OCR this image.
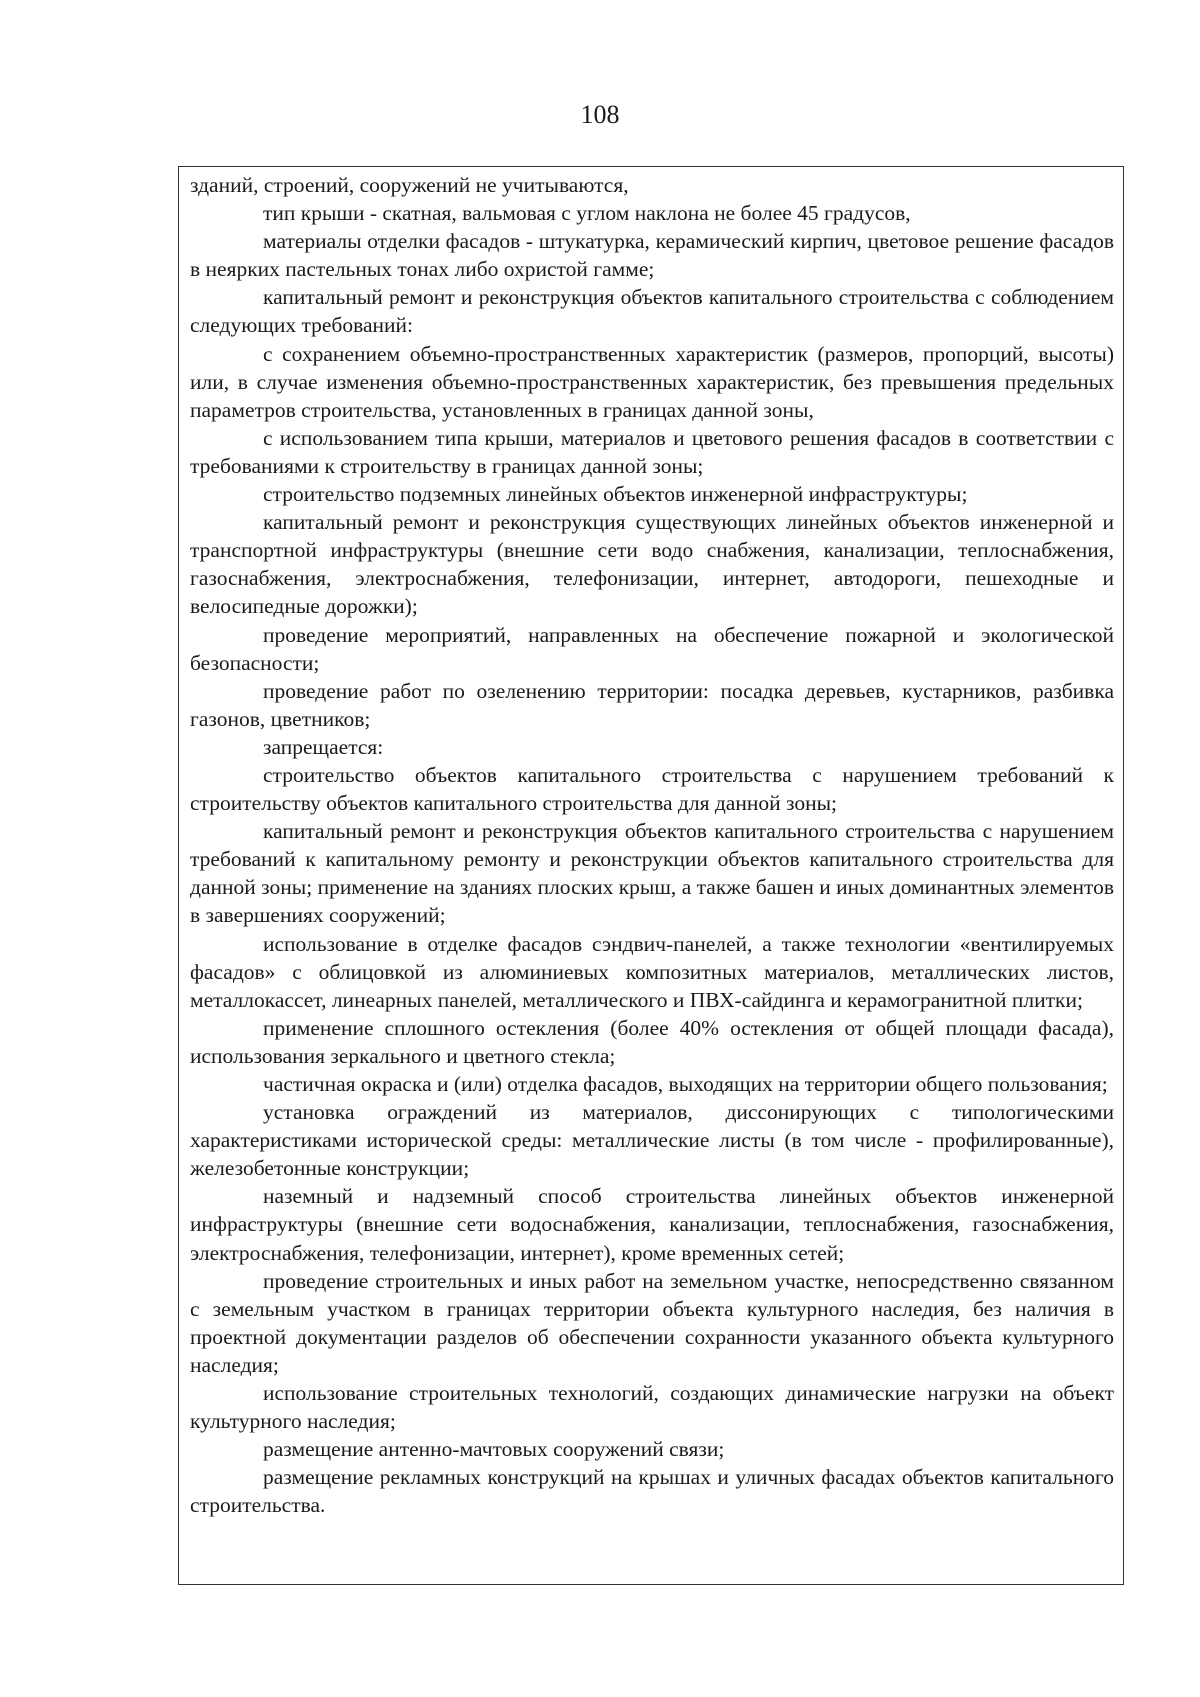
108

зданий, строений, сооружений не учитываются,

тип крыши - скатная, вальмовая с углом наклона не более 45 градусов,

материалы отделки фасадов - штукатурка, керамический кирпич, цветовое решение фасадов в неярких пастельных тонах либо охристой гамме;

капитальный ремонт и реконструкция объектов капитального строительства с соблюдением следующих требований:

с сохранением объемно-пространственных характеристик (размеров, пропорций, высоты) или, в случае изменения объемно-пространственных характеристик, без превышения предельных параметров строительства, установленных в границах данной зоны,

с использованием типа крыши, материалов и цветового решения фасадов в соответствии с требованиями к строительству в границах данной зоны;

строительство подземных линейных объектов инженерной инфраструктуры;

капитальный ремонт и реконструкция существующих линейных объектов инженерной и транспортной инфраструктуры (внешние сети водо снабжения, канализации, теплоснабжения, газоснабжения, электроснабжения, телефонизации, интернет, автодороги, пешеходные и велосипедные дорожки);

проведение мероприятий, направленных на обеспечение пожарной и экологической безопасности;

проведение работ по озеленению территории: посадка деревьев, кустарников, разбивка газонов, цветников;

запрещается:

строительство объектов капитального строительства с нарушением требований к строительству объектов капитального строительства для данной зоны;

капитальный ремонт и реконструкция объектов капитального строительства с нарушением требований к капитальному ремонту и реконструкции объектов капитального строительства для данной зоны; применение на зданиях плоских крыш, а также башен и иных доминантных элементов в завершениях сооружений;

использование в отделке фасадов сэндвич-панелей, а также технологии «вентилируемых фасадов» с облицовкой из алюминиевых композитных материалов, металлических листов, металлокассет, линеарных панелей, металлического и ПВХ-сайдинга и керамогранитной плитки;

применение сплошного остекления (более 40% остекления от общей площади фасада), использования зеркального и цветного стекла;

частичная окраска и (или) отделка фасадов, выходящих на территории общего пользования;

установка ограждений из материалов, диссонирующих с типологическими характеристиками исторической среды: металлические листы (в том числе - профилированные), железобетонные конструкции;

наземный и надземный способ строительства линейных объектов инженерной инфраструктуры (внешние сети водоснабжения, канализации, теплоснабжения, газоснабжения, электроснабжения, телефонизации, интернет), кроме временных сетей;

проведение строительных и иных работ на земельном участке, непосредственно связанном с земельным участком в границах территории объекта культурного наследия, без наличия в проектной документации разделов об обеспечении сохранности указанного объекта культурного наследия;

использование строительных технологий, создающих динамические нагрузки на объект культурного наследия;

размещение антенно-мачтовых сооружений связи;

размещение рекламных конструкций на крышах и уличных фасадах объектов капитального строительства.
